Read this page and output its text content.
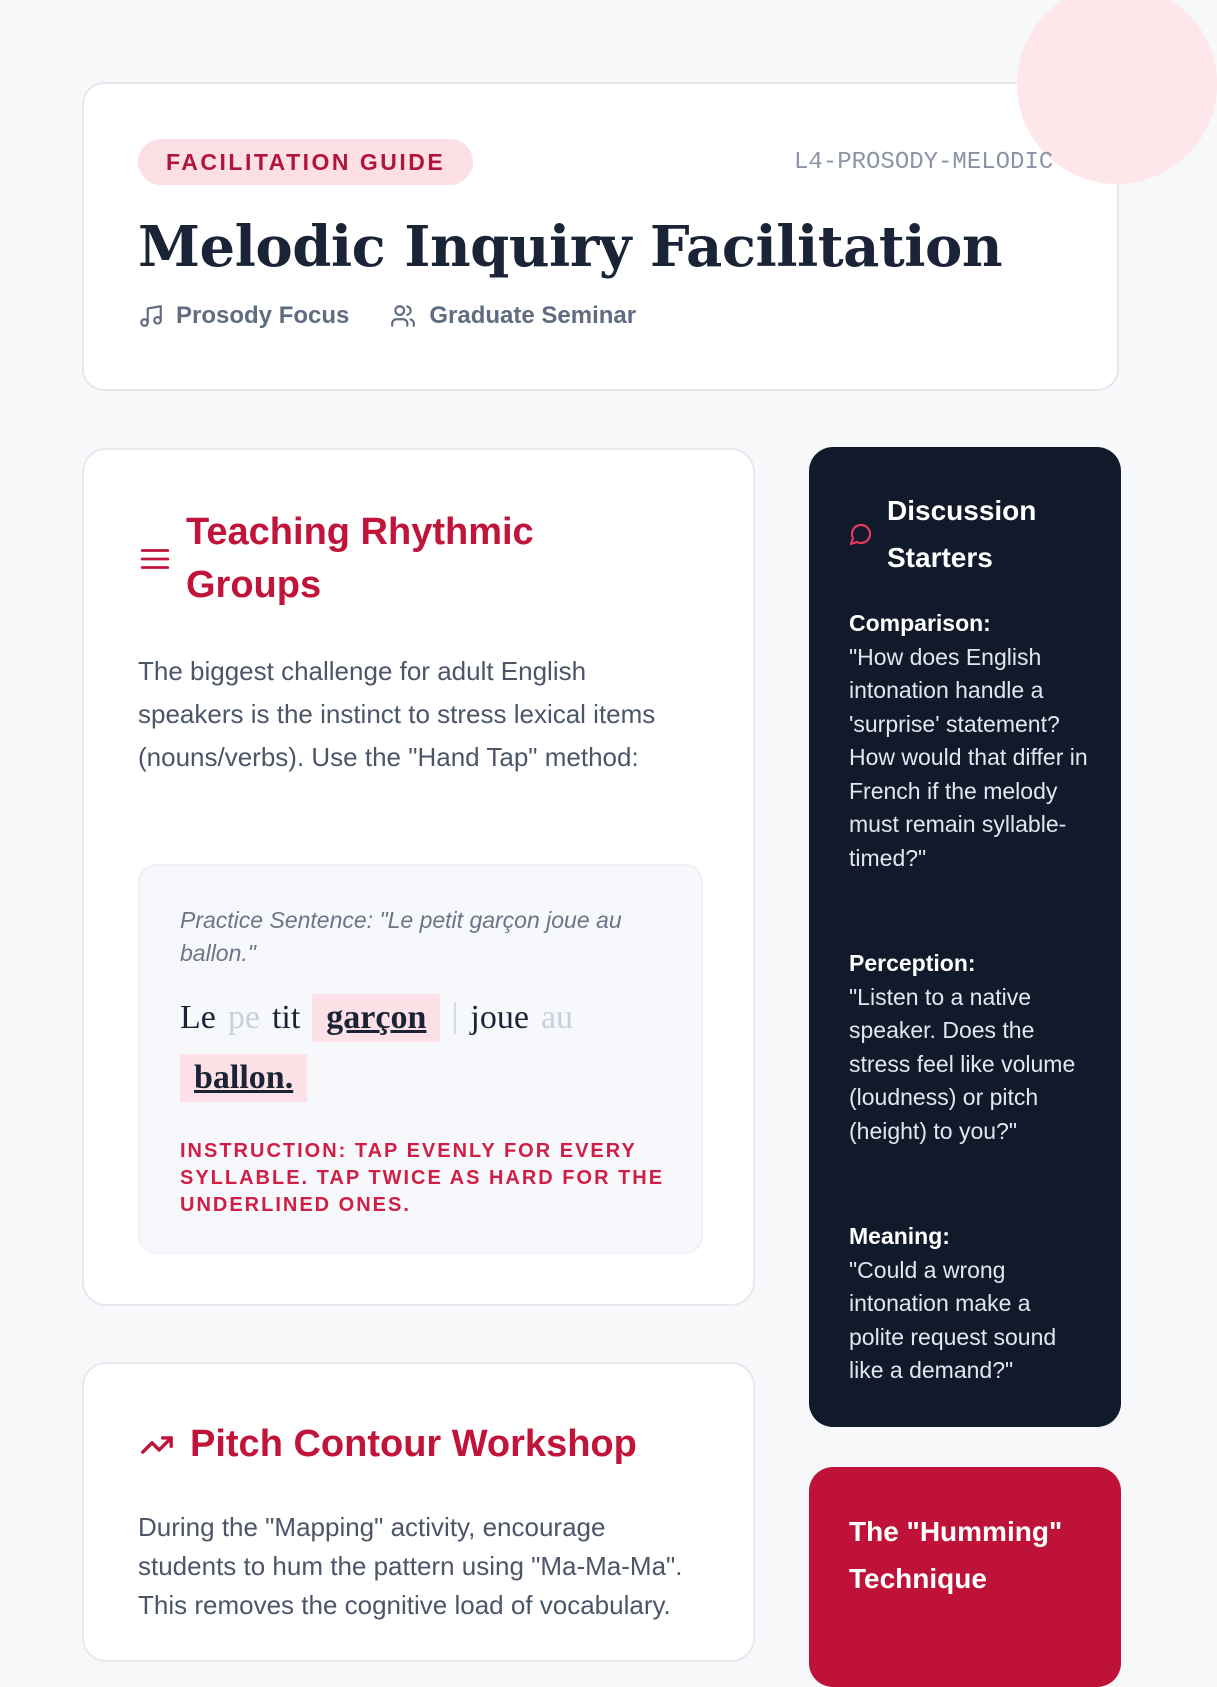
FACILITATION GUIDE	L4-PROSODY-MELODIC
Melodic Inquiry Facilitation
Prosody Focus	Graduate Seminar
Teaching Rhythmic Groups

The biggest challenge for adult English speakers is the instinct to stress lexical items (nouns/verbs). Use the "Hand Tap" method:

Practice Sentence: "Le petit garçon joue au ballon."

Le pe tit garçon joue auballon.

INSTRUCTION: TAP EVENLY FOR EVERY SYLLABLE. TAP TWICE AS HARD FOR THE UNDERLINED ONES.

Pitch Contour Workshop

During the "Mapping" activity, encourage students to hum the pattern using "Ma-Ma-Ma". This removes the cognitive load of vocabulary.

Discussion Starters
Comparison:
"How does English intonation handle a 'surprise' statement? How would that differ in French if the melody must remain syllable-timed?"
Perception:
"Listen to a native speaker. Does the stress feel like volume (loudness) or pitch (height) to you?"
Meaning:
"Could a wrong intonation make a polite request sound like a demand?"
The "Humming" Technique
